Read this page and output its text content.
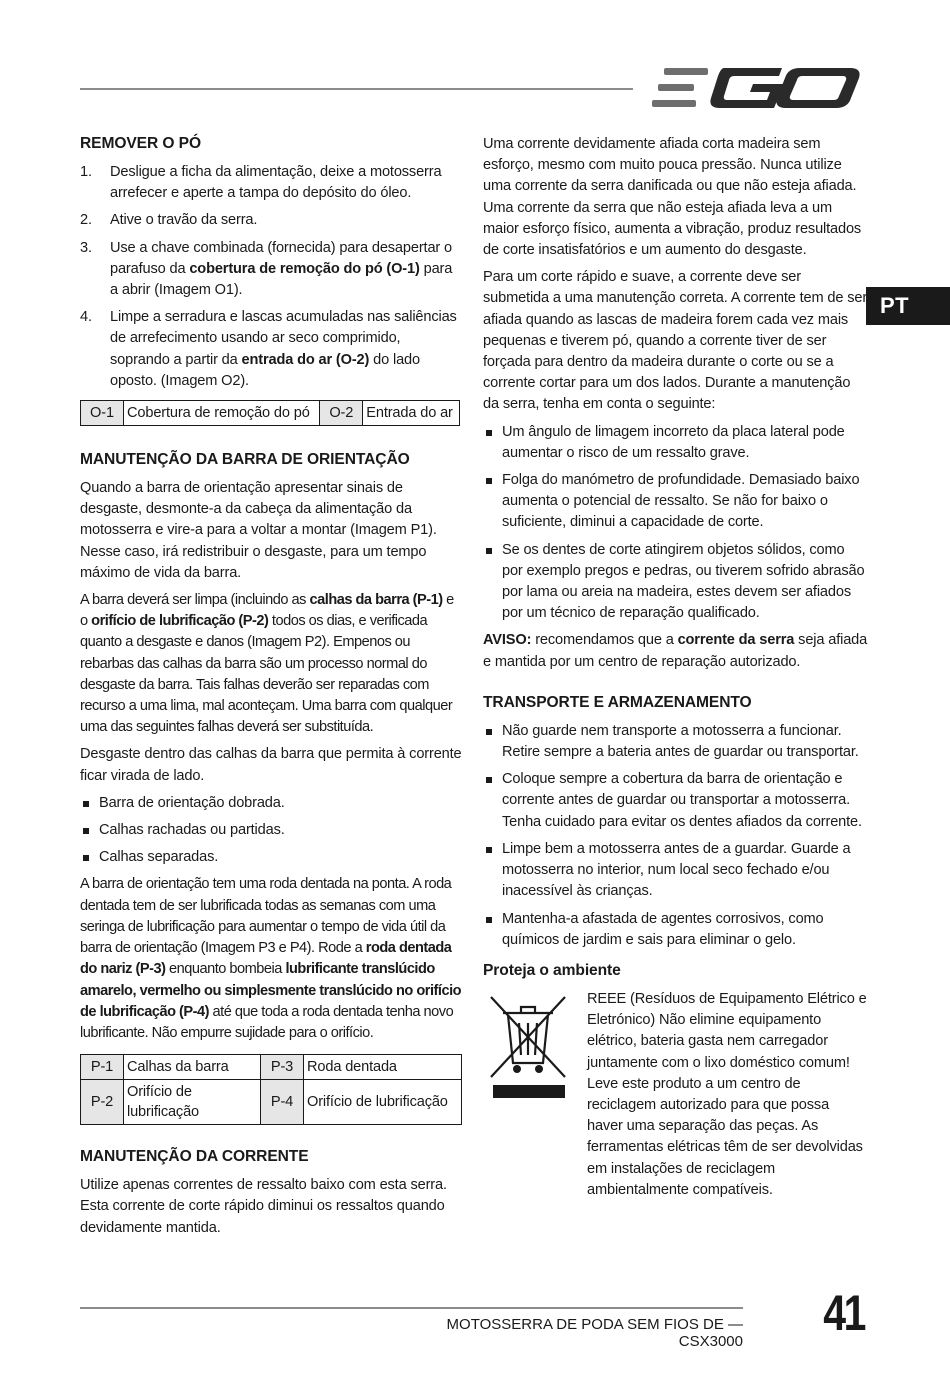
PT
REMOVER O PÓ
1. Desligue a ficha da alimentação, deixe a motosserra arrefecer e aperte a tampa do depósito do óleo.
2. Ative o travão da serra.
3. Use a chave combinada (fornecida) para desapertar o parafuso da cobertura de remoção do pó (O-1) para a abrir (Imagem O1).
4. Limpe a serradura e lascas acumuladas nas saliências de arrefecimento usando ar seco comprimido, soprando a partir da entrada do ar (O-2) do lado oposto. (Imagem O2).
O-1	Cobertura de remoção do pó	O-2	Entrada do ar
MANUTENÇÃO DA BARRA DE ORIENTAÇÃO

Quando a barra de orientação apresentar sinais de desgaste, desmonte-a da cabeça da alimentação da motosserra e vire-a para a voltar a montar (Imagem P1). Nesse caso, irá redistribuir o desgaste, para um tempo máximo de vida da barra.

A barra deverá ser limpa (incluindo as calhas da barra (P-1) e o orifício de lubrificação (P-2) todos os dias, e verificada quanto a desgaste e danos (Imagem P2). Empenos ou rebarbas das calhas da barra são um processo normal do desgaste da barra. Tais falhas deverão ser reparadas com recurso a uma lima, mal aconteçam. Uma barra com qualquer uma das seguintes falhas deverá ser substituída.

Desgaste dentro das calhas da barra que permita à corrente ficar virada de lado.

Barra de orientação dobrada.
Calhas rachadas ou partidas.
Calhas separadas.

A barra de orientação tem uma roda dentada na ponta. A roda dentada tem de ser lubrificada todas as semanas com uma seringa de lubrificação para aumentar o tempo de vida útil da barra de orientação (Imagem P3 e P4). Rode a roda dentada do nariz (P-3) enquanto bombeia lubrificante translúcido amarelo, vermelho ou simplesmente translúcido no orifício de lubrificação (P-4) até que toda a roda dentada tenha novo lubrificante. Não empurre sujidade para o orifício.

P-1	Calhas da barra	P-3	Roda dentada
P-2	Orifício de lubrificação	P-4	Orifício de lubrificação
MANUTENÇÃO DA CORRENTE

Utilize apenas correntes de ressalto baixo com esta serra. Esta corrente de corte rápido diminui os ressaltos quando devidamente mantida.

Uma corrente devidamente afiada corta madeira sem esforço, mesmo com muito pouca pressão. Nunca utilize uma corrente da serra danificada ou que não esteja afiada. Uma corrente da serra que não esteja afiada leva a um maior esforço físico, aumenta a vibração, produz resultados de corte insatisfatórios e um aumento do desgaste.

Para um corte rápido e suave, a corrente deve ser submetida a uma manutenção correta. A corrente tem de ser afiada quando as lascas de madeira forem cada vez mais pequenas e tiverem pó, quando a corrente tiver de ser forçada para dentro da madeira durante o corte ou se a corrente cortar para um dos lados. Durante a manutenção da serra, tenha em conta o seguinte:

Um ângulo de limagem incorreto da placa lateral pode aumentar o risco de um ressalto grave.
Folga do manómetro de profundidade. Demasiado baixo aumenta o potencial de ressalto. Se não for baixo o suficiente, diminui a capacidade de corte.
Se os dentes de corte atingirem objetos sólidos, como por exemplo pregos e pedras, ou tiverem sofrido abrasão por lama ou areia na madeira, estes devem ser afiados por um técnico de reparação qualificado.

AVISO: recomendamos que a corrente da serra seja afiada e mantida por um centro de reparação autorizado.

TRANSPORTE E ARMAZENAMENTO
Não guarde nem transporte a motosserra a funcionar. Retire sempre a bateria antes de guardar ou transportar.
Coloque sempre a cobertura da barra de orientação e corrente antes de guardar ou transportar a motosserra. Tenha cuidado para evitar os dentes afiados da corrente.
Limpe bem a motosserra antes de a guardar. Guarde a motosserra no interior, num local seco fechado e/ou inacessível às crianças.
Mantenha-a afastada de agentes corrosivos, como químicos de jardim e sais para eliminar o gelo.
Proteja o ambiente
REEE (Resíduos de Equipamento Elétrico e Eletrónico) Não elimine equipamento elétrico, bateria gasta nem carregador juntamente com o lixo doméstico comum! Leve este produto a um centro de reciclagem autorizado para que possa haver uma separação das peças. As ferramentas elétricas têm de ser devolvidas em instalações de reciclagem ambientalmente compatíveis.
MOTOSSERRA DE PODA SEM FIOS DE — CSX3000
41
